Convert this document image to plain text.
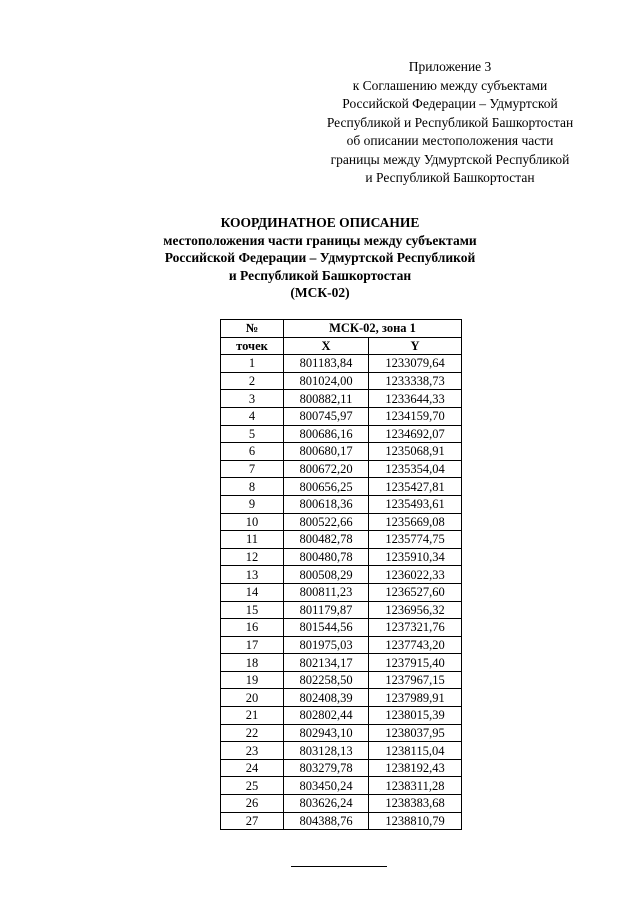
Приложение 3
к Соглашению между субъектами
Российской Федерации – Удмуртской
Республикой и Республикой Башкортостан
об описании местоположения части
границы между Удмуртской Республикой
и Республикой Башкортостан
КООРДИНАТНОЕ ОПИСАНИЕ
местоположения части границы между субъектами
Российской Федерации – Удмуртской Республикой
и Республикой Башкортостан
(МСК-02)
№	МСК-02, зона 1	
точек	X	Y
1	801183,84	1233079,64
2	801024,00	1233338,73
3	800882,11	1233644,33
4	800745,97	1234159,70
5	800686,16	1234692,07
6	800680,17	1235068,91
7	800672,20	1235354,04
8	800656,25	1235427,81
9	800618,36	1235493,61
10	800522,66	1235669,08
11	800482,78	1235774,75
12	800480,78	1235910,34
13	800508,29	1236022,33
14	800811,23	1236527,60
15	801179,87	1236956,32
16	801544,56	1237321,76
17	801975,03	1237743,20
18	802134,17	1237915,40
19	802258,50	1237967,15
20	802408,39	1237989,91
21	802802,44	1238015,39
22	802943,10	1238037,95
23	803128,13	1238115,04
24	803279,78	1238192,43
25	803450,24	1238311,28
26	803626,24	1238383,68
27	804388,76	1238810,79
